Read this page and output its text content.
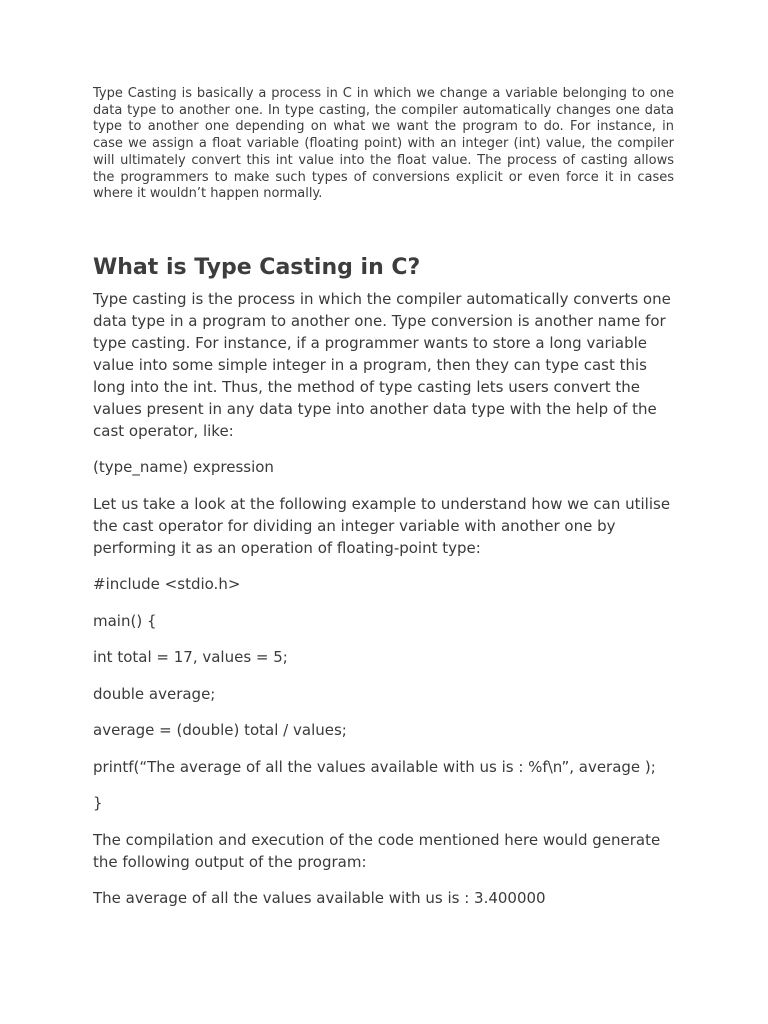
Type Casting is basically a process in C in which we change a variable belonging to one data type to another one. In type casting, the compiler automatically changes one data type to another one depending on what we want the program to do. For instance, in case we assign a float variable (floating point) with an integer (int) value, the compiler will ultimately convert this int value into the float value. The process of casting allows the programmers to make such types of conversions explicit or even force it in cases where it wouldn’t happen normally.

What is Type Casting in C?

Type casting is the process in which the compiler automatically converts one data type in a program to another one. Type conversion is another name for type casting. For instance, if a programmer wants to store a long variable value into some simple integer in a program, then they can type cast this long into the int. Thus, the method of type casting lets users convert the values present in any data type into another data type with the help of the cast operator, like:

(type_name) expression

Let us take a look at the following example to understand how we can utilise the cast operator for dividing an integer variable with another one by performing it as an operation of floating-point type:

#include <stdio.h>

main() {

int total = 17, values = 5;

double average;

average = (double) total / values;

printf(“The average of all the values available with us is : %f\n”, average );

}

The compilation and execution of the code mentioned here would generate the following output of the program:

The average of all the values available with us is : 3.400000
